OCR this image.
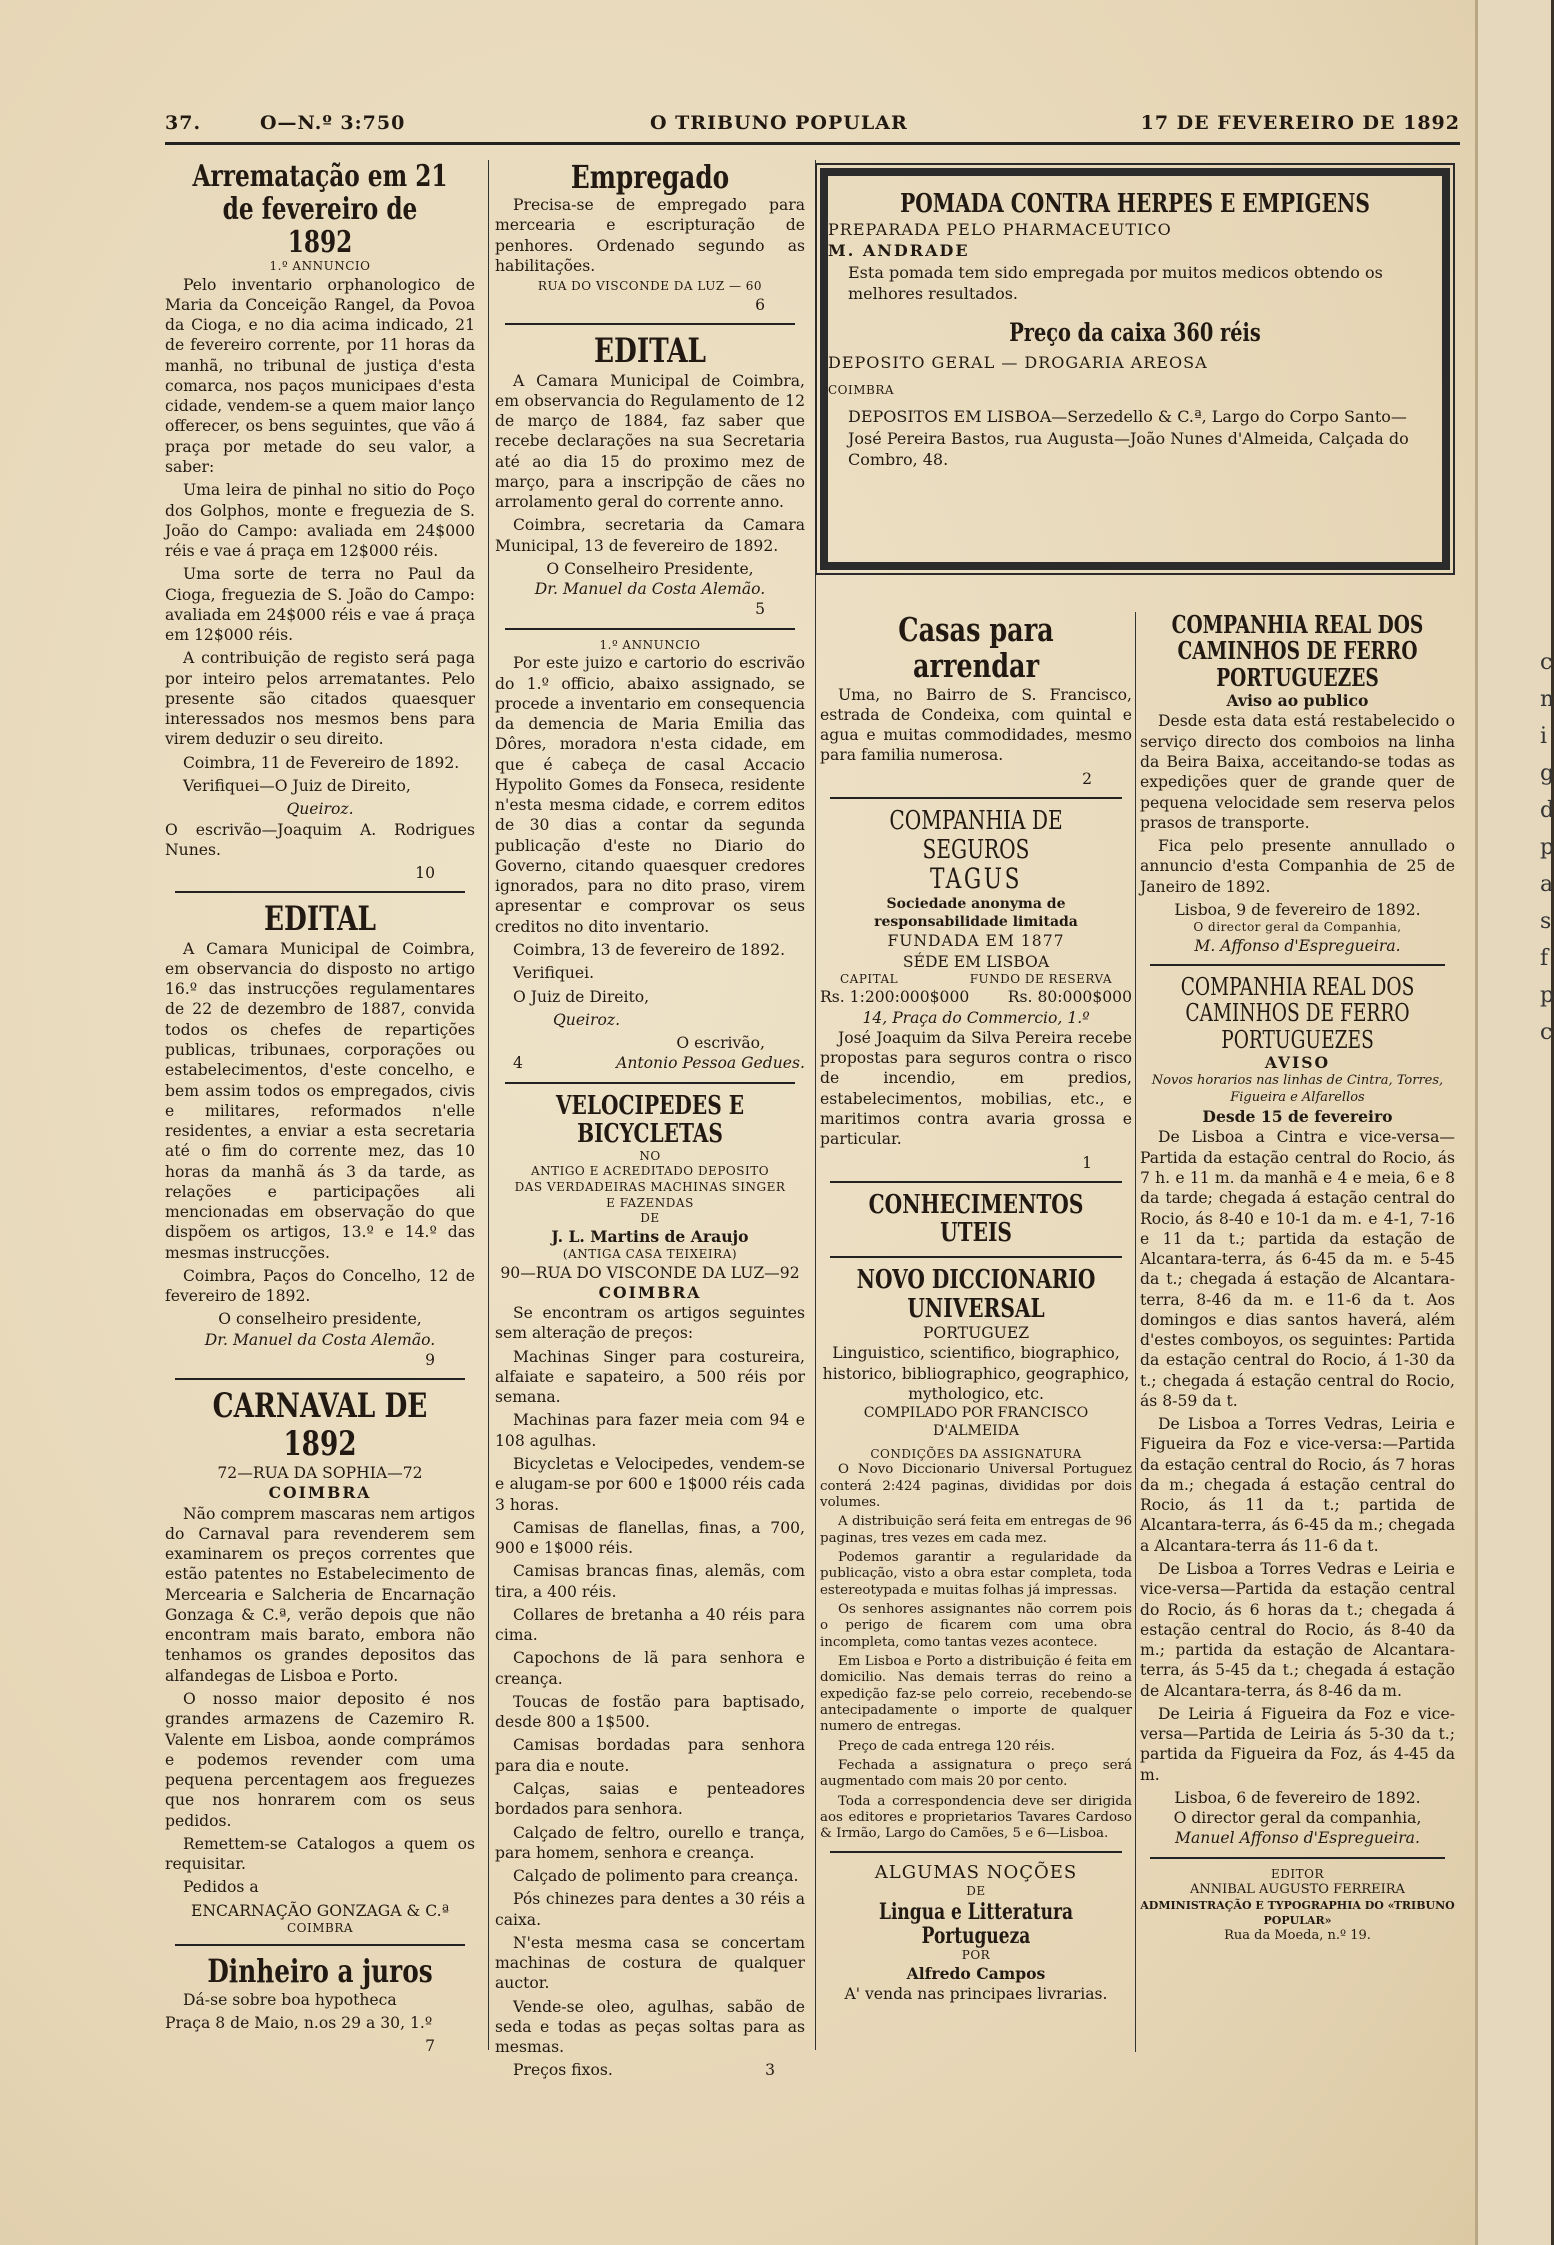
37.	O—N.º 3:750	O TRIBUNO POPULAR	17 DE FEVEREIRO DE 1892
Arrematação em 21 de fevereiro de 1892

1.º ANNUNCIO

Pelo inventario orphanologico de Maria da Conceição Rangel, da Povoa da Cioga, e no dia acima indicado, 21 de fevereiro corrente, por 11 horas da manhã, no tribunal de justiça d'esta comarca, nos paços municipaes d'esta cidade, vendem-se a quem maior lanço offerecer, os bens seguintes, que vão á praça por metade do seu valor, a saber:

Uma leira de pinhal no sitio do Poço dos Golphos, monte e freguezia de S. João do Campo: avaliada em 24$000 réis e vae á praça em 12$000 réis.

Uma sorte de terra no Paul da Cioga, freguezia de S. João do Campo: avaliada em 24$000 réis e vae á praça em 12$000 réis.

A contribuição de registo será paga por inteiro pelos arrematantes. Pelo presente são citados quaesquer interessados nos mesmos bens para virem deduzir o seu direito.

Coimbra, 11 de Fevereiro de 1892.

Verifiquei—O Juiz de Direito,

Queiroz.

O escrivão—Joaquim A. Rodrigues Nunes.

10

EDITAL

A Camara Municipal de Coimbra, em observancia do disposto no artigo 16.º das instrucções regulamentares de 22 de dezembro de 1887, convida todos os chefes de repartições publicas, tribunaes, corporações ou estabelecimentos, d'este concelho, e bem assim todos os empregados, civis e militares, reformados n'elle residentes, a enviar a esta secretaria até o fim do corrente mez, das 10 horas da manhã ás 3 da tarde, as relações e participações ali mencionadas em observação do que dispõem os artigos, 13.º e 14.º das mesmas instrucções.

Coimbra, Paços do Concelho, 12 de fevereiro de 1892.

O conselheiro presidente,

Dr. Manuel da Costa Alemão.

9

CARNAVAL DE 1892

72—RUA DA SOPHIA—72

COIMBRA

Não comprem mascaras nem artigos do Carnaval para revenderem sem examinarem os preços correntes que estão patentes no Estabelecimento de Mercearia e Salcheria de Encarnação Gonzaga & C.ª, verão depois que não encontram mais barato, embora não tenhamos os grandes depositos das alfandegas de Lisboa e Porto.

O nosso maior deposito é nos grandes armazens de Cazemiro R. Valente em Lisboa, aonde comprámos e podemos revender com uma pequena percentagem aos freguezes que nos honrarem com os seus pedidos.

Remettem-se Catalogos a quem os requisitar.

Pedidos a

ENCARNAÇÃO GONZAGA & C.ª

COIMBRA

Dinheiro a juros

Dá-se sobre boa hypotheca

Praça 8 de Maio, n.os 29 a 30, 1.º

7

Empregado

Precisa-se de empregado para mercearia e escripturação de penhores. Ordenado segundo as habilitações.

RUA DO VISCONDE DA LUZ — 60

6

EDITAL

A Camara Municipal de Coimbra, em observancia do Regulamento de 12 de março de 1884, faz saber que recebe declarações na sua Secretaria até ao dia 15 do proximo mez de março, para a inscripção de cães no arrolamento geral do corrente anno.

Coimbra, secretaria da Camara Municipal, 13 de fevereiro de 1892.

O Conselheiro Presidente,

Dr. Manuel da Costa Alemão.

5

1.º ANNUNCIO

Por este juizo e cartorio do escrivão do 1.º officio, abaixo assignado, se procede a inventario em consequencia da demencia de Maria Emilia das Dôres, moradora n'esta cidade, em que é cabeça de casal Accacio Hypolito Gomes da Fonseca, residente n'esta mesma cidade, e correm editos de 30 dias a contar da segunda publicação d'este no Diario do Governo, citando quaesquer credores ignorados, para no dito praso, virem apresentar e comprovar os seus creditos no dito inventario.

Coimbra, 13 de fevereiro de 1892.

Verifiquei.

O Juiz de Direito,

Queiroz.

O escrivão,

4	Antonio Pessoa Gedues.

VELOCIPEDES E BICYCLETAS

NO

ANTIGO E ACREDITADO DEPOSITO

DAS VERDADEIRAS MACHINAS SINGER

E FAZENDAS

DE

J. L. Martins de Araujo

(ANTIGA CASA TEIXEIRA)

90—RUA DO VISCONDE DA LUZ—92

COIMBRA

Se encontram os artigos seguintes sem alteração de preços:

Machinas Singer para costureira, alfaiate e sapateiro, a 500 réis por semana.

Machinas para fazer meia com 94 e 108 agulhas.

Bicycletas e Velocipedes, vendem-se e alugam-se por 600 e 1$000 réis cada 3 horas.

Camisas de flanellas, finas, a 700, 900 e 1$000 réis.

Camisas brancas finas, alemãs, com tira, a 400 réis.

Collares de bretanha a 40 réis para cima.

Capochons de lã para senhora e creança.

Toucas de fostão para baptisado, desde 800 a 1$500.

Camisas bordadas para senhora para dia e noute.

Calças, saias e penteadores bordados para senhora.

Calçado de feltro, ourello e trança, para homem, senhora e creança.

Calçado de polimento para creança.

Pós chinezes para dentes a 30 réis a caixa.

N'esta mesma casa se concertam machinas de costura de qualquer auctor.

Vende-se oleo, agulhas, sabão de seda e todas as peças soltas para as mesmas.

Preços fixos.	3

POMADA CONTRA HERPES E EMPIGENS

PREPARADA PELO PHARMACEUTICO

M. ANDRADE

Esta pomada tem sido empregada por muitos medicos obtendo os melhores resultados.

Preço da caixa 360 réis

DEPOSITO GERAL — DROGARIA AREOSA

COIMBRA

DEPOSITOS EM LISBOA—Serzedello & C.ª, Largo do Corpo Santo—José Pereira Bastos, rua Augusta—João Nunes d'Almeida, Calçada do Combro, 48.

Casas para arrendar

Uma, no Bairro de S. Francisco, estrada de Condeixa, com quintal e agua e muitas commodidades, mesmo para familia numerosa.

2

COMPANHIA DE SEGUROS
TAGUS

Sociedade anonyma de responsabilidade limitada

FUNDADA EM 1877

SÉDE EM LISBOA

CAPITAL	FUNDO DE RESERVA
Rs. 1:200:000$000 Rs. 80:000$000

14, Praça do Commercio, 1.º

José Joaquim da Silva Pereira recebe propostas para seguros contra o risco de incendio, em predios, estabelecimentos, mobilias, etc., e maritimos contra avaria grossa e particular.

1

CONHECIMENTOS UTEIS
NOVO DICCIONARIO UNIVERSAL

PORTUGUEZ

Linguistico, scientifico, biographico, historico, bibliographico, geographico, mythologico, etc.

COMPILADO POR FRANCISCO D'ALMEIDA

CONDIÇÕES DA ASSIGNATURA

O Novo Diccionario Universal Portuguez conterá 2:424 paginas, divididas por dois volumes.

A distribuição será feita em entregas de 96 paginas, tres vezes em cada mez.

Podemos garantir a regularidade da publicação, visto a obra estar completa, toda estereotypada e muitas folhas já impressas.

Os senhores assignantes não correm pois o perigo de ficarem com uma obra incompleta, como tantas vezes acontece.

Em Lisboa e Porto a distribuição é feita em domicilio. Nas demais terras do reino a expedição faz-se pelo correio, recebendo-se antecipadamente o importe de qualquer numero de entregas.

Preço de cada entrega 120 réis.

Fechada a assignatura o preço será augmentado com mais 20 por cento.

Toda a correspondencia deve ser dirigida aos editores e proprietarios Tavares Cardoso & Irmão, Largo do Camões, 5 e 6—Lisboa.

ALGUMAS NOÇÕES

DE

Lingua e Litteratura Portugueza

POR

Alfredo Campos

A' venda nas principaes livrarias.

COMPANHIA REAL DOS CAMINHOS DE FERRO PORTUGUEZES

Aviso ao publico

Desde esta data está restabelecido o serviço directo dos comboios na linha da Beira Baixa, acceitando-se todas as expedições quer de grande quer de pequena velocidade sem reserva pelos prasos de transporte.

Fica pelo presente annullado o annuncio d'esta Companhia de 25 de Janeiro de 1892.

Lisboa, 9 de fevereiro de 1892.

O director geral da Companhia,

M. Affonso d'Espregueira.

COMPANHIA REAL DOS CAMINHOS DE FERRO PORTUGUEZES

AVISO

Novos horarios nas linhas de Cintra, Torres, Figueira e Alfarellos

Desde 15 de fevereiro

De Lisboa a Cintra e vice-versa—Partida da estação central do Rocio, ás 7 h. e 11 m. da manhã e 4 e meia, 6 e 8 da tarde; chegada á estação central do Rocio, ás 8-40 e 10-1 da m. e 4-1, 7-16 e 11 da t.; partida da estação de Alcantara-terra, ás 6-45 da m. e 5-45 da t.; chegada á estação de Alcantara-terra, 8-46 da m. e 11-6 da t. Aos domingos e dias santos haverá, além d'estes comboyos, os seguintes: Partida da estação central do Rocio, á 1-30 da t.; chegada á estação central do Rocio, ás 8-59 da t.

De Lisboa a Torres Vedras, Leiria e Figueira da Foz e vice-versa:—Partida da estação central do Rocio, ás 7 horas da m.; chegada á estação central do Rocio, ás 11 da t.; partida de Alcantara-terra, ás 6-45 da m.; chegada a Alcantara-terra ás 11-6 da t.

De Lisboa a Torres Vedras e Leiria e vice-versa—Partida da estação central do Rocio, ás 6 horas da t.; chegada á estação central do Rocio, ás 8-40 da m.; partida da estação de Alcantara-terra, ás 5-45 da t.; chegada á estação de Alcantara-terra, ás 8-46 da m.

De Leiria á Figueira da Foz e vice-versa—Partida de Leiria ás 5-30 da t.; partida da Figueira da Foz, ás 4-45 da m.

Lisboa, 6 de fevereiro de 1892.

O director geral da companhia,

Manuel Affonso d'Espregueira.

EDITOR

ANNIBAL AUGUSTO FERREIRA

ADMINISTRAÇÃO E TYPOGRAPHIA DO «TRIBUNO POPULAR»

Rua da Moeda, n.º 19.

c
n
i
g
d
p
a
s
f
p
c
